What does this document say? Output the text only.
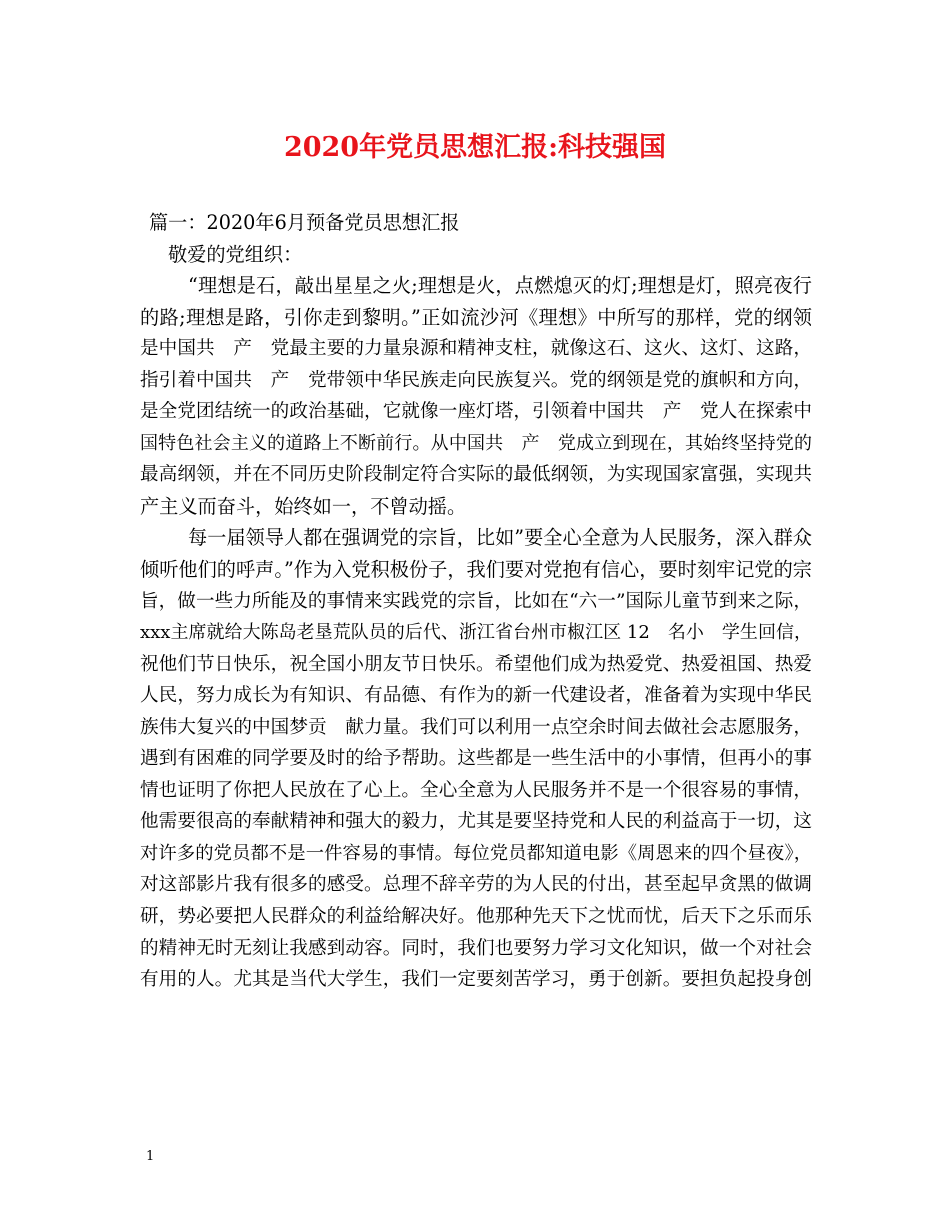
2020年党员思想汇报:科技强国
篇一：2020年6月预备党员思想汇报
敬爱的党组织：
“理想是石，敲出星星之火;理想是火，点燃熄灭的灯;理想是灯，照亮夜行
的路;理想是路，引你走到黎明。”正如流沙河《理想》中所写的那样，党的纲领
是中国共　产　党最主要的力量泉源和精神支柱，就像这石、这火、这灯、这路，
指引着中国共　产　党带领中华民族走向民族复兴。党的纲领是党的旗帜和方向，
是全党团结统一的政治基础，它就像一座灯塔，引领着中国共　产　党人在探索中
国特色社会主义的道路上不断前行。从中国共　产　党成立到现在，其始终坚持党的
最高纲领，并在不同历史阶段制定符合实际的最低纲领，为实现国家富强，实现共
产主义而奋斗，始终如一，不曾动摇。
每一届领导人都在强调党的宗旨，比如”要全心全意为人民服务，深入群众
倾听他们的呼声。”作为入党积极份子，我们要对党抱有信心，要时刻牢记党的宗
旨，做一些力所能及的事情来实践党的宗旨，比如在“六一”国际儿童节到来之际，
xxx主席就给大陈岛老垦荒队员的后代、浙江省台州市椒江区 12　名小　学生回信，
祝他们节日快乐，祝全国小朋友节日快乐。希望他们成为热爱党、热爱祖国、热爱
人民，努力成长为有知识、有品德、有作为的新一代建设者，准备着为实现中华民
族伟大复兴的中国梦贡　献力量。我们可以利用一点空余时间去做社会志愿服务，
遇到有困难的同学要及时的给予帮助。这些都是一些生活中的小事情，但再小的事
情也证明了你把人民放在了心上。全心全意为人民服务并不是一个很容易的事情，
他需要很高的奉献精神和强大的毅力，尤其是要坚持党和人民的利益高于一切，这
对许多的党员都不是一件容易的事情。每位党员都知道电影《周恩来的四个昼夜》，
对这部影片我有很多的感受。总理不辞辛劳的为人民的付出，甚至起早贪黑的做调
研，势必要把人民群众的利益给解决好。他那种先天下之忧而忧，后天下之乐而乐
的精神无时无刻让我感到动容。同时，我们也要努力学习文化知识，做一个对社会
有用的人。尤其是当代大学生，我们一定要刻苦学习，勇于创新。要担负起投身创
1
